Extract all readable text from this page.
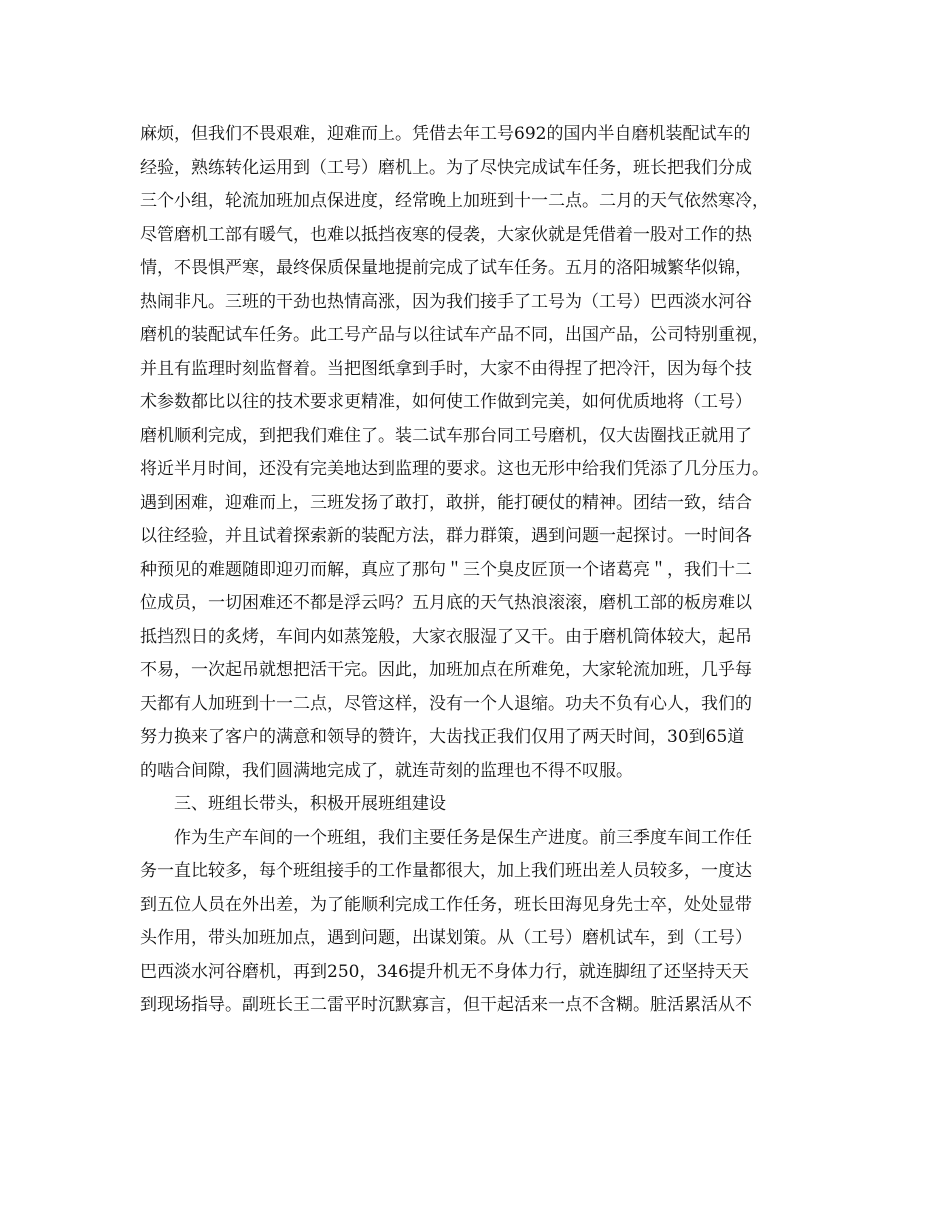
麻烦，但我们不畏艰难，迎难而上。凭借去年工号692的国内半自磨机装配试车的
经验，熟练转化运用到（工号）磨机上。为了尽快完成试车任务，班长把我们分成
三个小组，轮流加班加点保进度，经常晚上加班到十一二点。二月的天气依然寒冷，
尽管磨机工部有暖气，也难以抵挡夜寒的侵袭，大家伙就是凭借着一股对工作的热
情，不畏惧严寒，最终保质保量地提前完成了试车任务。五月的洛阳城繁华似锦，
热闹非凡。三班的干劲也热情高涨，因为我们接手了工号为（工号）巴西淡水河谷
磨机的装配试车任务。此工号产品与以往试车产品不同，出国产品，公司特别重视，
并且有监理时刻监督着。当把图纸拿到手时，大家不由得捏了把冷汗，因为每个技
术参数都比以往的技术要求更精准，如何使工作做到完美，如何优质地将（工号）
磨机顺利完成，到把我们难住了。装二试车那台同工号磨机，仅大齿圈找正就用了
将近半月时间，还没有完美地达到监理的要求。这也无形中给我们凭添了几分压力。
遇到困难，迎难而上，三班发扬了敢打，敢拼，能打硬仗的精神。团结一致，结合
以往经验，并且试着探索新的装配方法，群力群策，遇到问题一起探讨。一时间各
种预见的难题随即迎刃而解，真应了那句＂三个臭皮匠顶一个诸葛亮＂，我们十二
位成员，一切困难还不都是浮云吗？五月底的天气热浪滚滚，磨机工部的板房难以
抵挡烈日的炙烤，车间内如蒸笼般，大家衣服湿了又干。由于磨机筒体较大，起吊
不易，一次起吊就想把活干完。因此，加班加点在所难免，大家轮流加班，几乎每
天都有人加班到十一二点，尽管这样，没有一个人退缩。功夫不负有心人，我们的
努力换来了客户的满意和领导的赞许，大齿找正我们仅用了两天时间，30到65道
的啮合间隙，我们圆满地完成了，就连苛刻的监理也不得不叹服。
　　三、班组长带头，积极开展班组建设
　　作为生产车间的一个班组，我们主要任务是保生产进度。前三季度车间工作任
务一直比较多，每个班组接手的工作量都很大，加上我们班出差人员较多，一度达
到五位人员在外出差，为了能顺利完成工作任务，班长田海见身先士卒，处处显带
头作用，带头加班加点，遇到问题，出谋划策。从（工号）磨机试车，到（工号）
巴西淡水河谷磨机，再到250，346提升机无不身体力行，就连脚纽了还坚持天天
到现场指导。副班长王二雷平时沉默寡言，但干起活来一点不含糊。脏活累活从不
